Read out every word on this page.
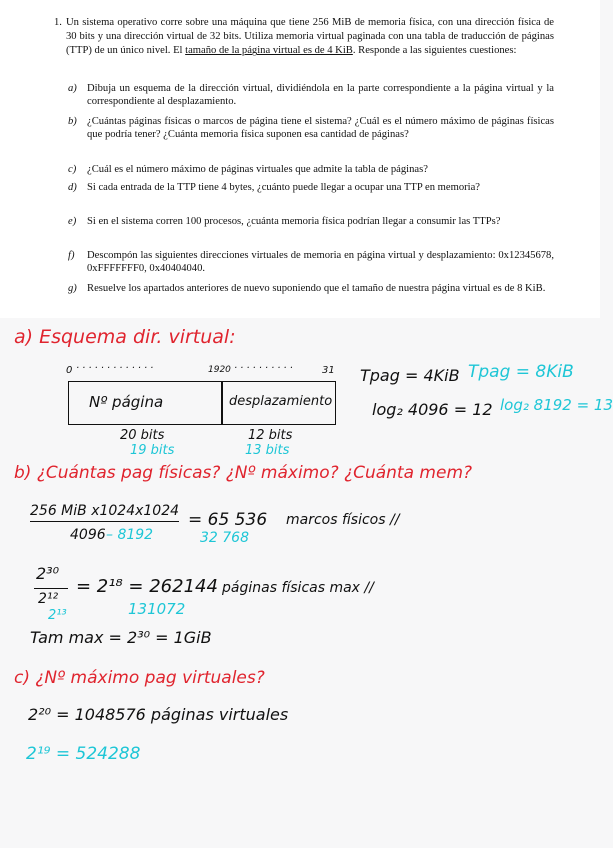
1. Un sistema operativo corre sobre una máquina que tiene 256 MiB de memoria física, con una dirección física de 30 bits y una dirección virtual de 32 bits. Utiliza memoria virtual paginada con una tabla de traducción de páginas (TTP) de un único nivel. El tamaño de la página virtual es de 4 KiB. Responde a las siguientes cuestiones:
a) Dibuja un esquema de la dirección virtual, dividiéndola en la parte correspondiente a la página virtual y la correspondiente al desplazamiento.
b) ¿Cuántas páginas físicas o marcos de página tiene el sistema? ¿Cuál es el número máximo de páginas físicas que podría tener? ¿Cuánta memoria física suponen esa cantidad de páginas?
c) ¿Cuál es el número máximo de páginas virtuales que admite la tabla de páginas?
d) Si cada entrada de la TTP tiene 4 bytes, ¿cuánto puede llegar a ocupar una TTP en memoria?
e) Si en el sistema corren 100 procesos, ¿cuánta memoria física podrían llegar a consumir las TTPs?
f) Descompón las siguientes direcciones virtuales de memoria en página virtual y desplazamiento: 0x12345678, 0xFFFFFFF0, 0x40404040.
g) Resuelve los apartados anteriores de nuevo suponiendo que el tamaño de nuestra página virtual es de 8 KiB.
a) Esquema dir. virtual:
0 ·············	1920 ··········	31
Nº página	desplazamiento
20 bits
19 bits
12 bits
13 bits
Tpag = 4KiB
log₂ 4096 = 12
Tpag = 8KiB
log₂ 8192 = 13
b) ¿Cuántas pag físicas? ¿Nº máximo? ¿Cuánta mem?
256 MiB x1024x1024
4096 – 8192
= 65 536 marcos físicos //
32 768
2³⁰
2¹²
2¹³
= 2¹⁸ = 262144 páginas físicas max //
131072
Tam max = 2³⁰ = 1GiB
c) ¿Nº máximo pag virtuales?
2²⁰ = 1048576 páginas virtuales
2¹⁹ = 524288
